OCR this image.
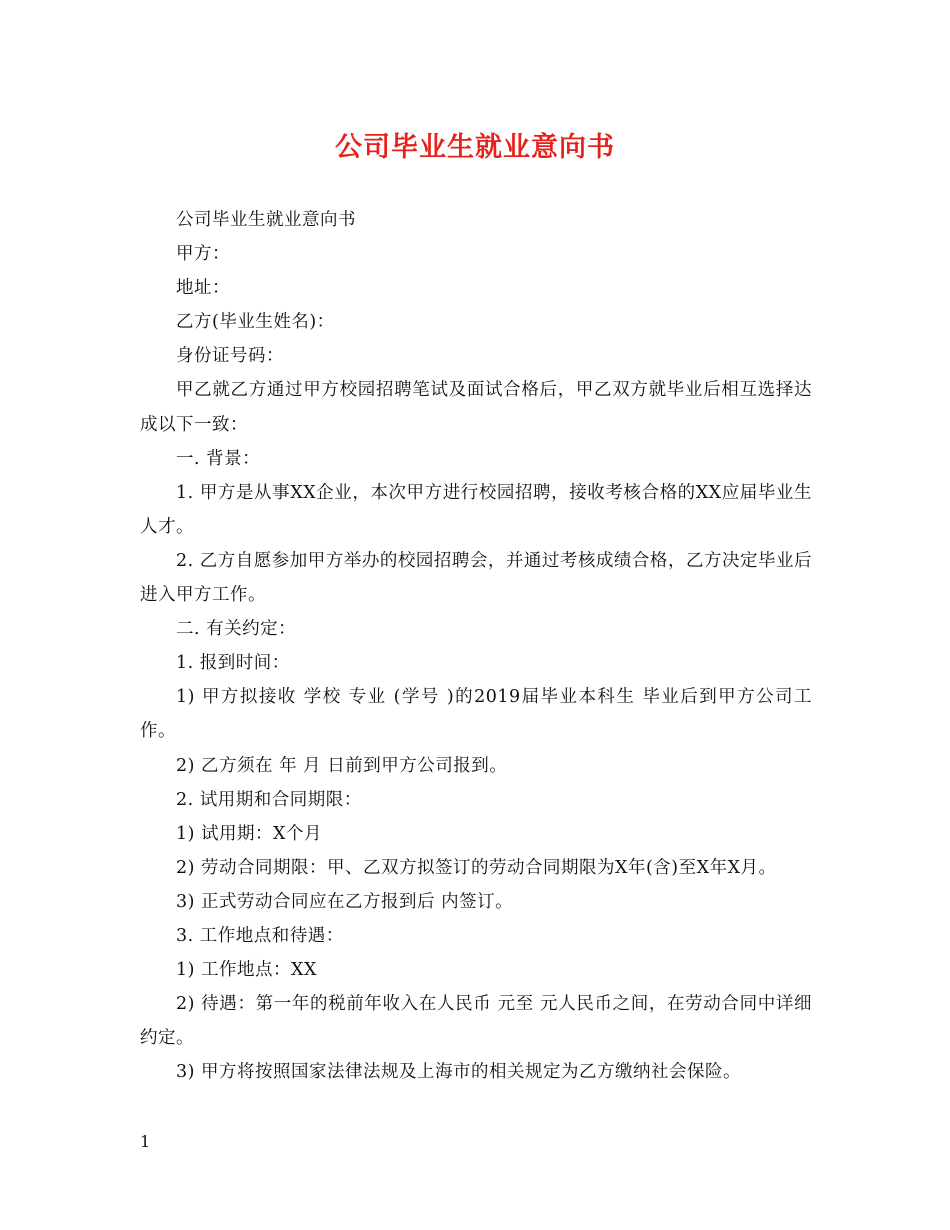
公司毕业生就业意向书

公司毕业生就业意向书

甲方：

地址：

乙方(毕业生姓名)：

身份证号码：

甲乙就乙方通过甲方校园招聘笔试及面试合格后，甲乙双方就毕业后相互选择达成以下一致：

一. 背景：

1. 甲方是从事XX企业，本次甲方进行校园招聘，接收考核合格的XX应届毕业生人才。

2. 乙方自愿参加甲方举办的校园招聘会，并通过考核成绩合格，乙方决定毕业后进入甲方工作。

二. 有关约定：

1. 报到时间：

1) 甲方拟接收 学校 专业 (学号 )的2019届毕业本科生 毕业后到甲方公司工作。

2) 乙方须在 年 月 日前到甲方公司报到。

2. 试用期和合同期限：

1) 试用期：X个月

2) 劳动合同期限：甲、乙双方拟签订的劳动合同期限为X年(含)至X年X月。

3) 正式劳动合同应在乙方报到后 内签订。

3. 工作地点和待遇：

1) 工作地点：XX

2) 待遇：第一年的税前年收入在人民币 元至 元人民币之间，在劳动合同中详细约定。

3) 甲方将按照国家法律法规及上海市的相关规定为乙方缴纳社会保险。

1
